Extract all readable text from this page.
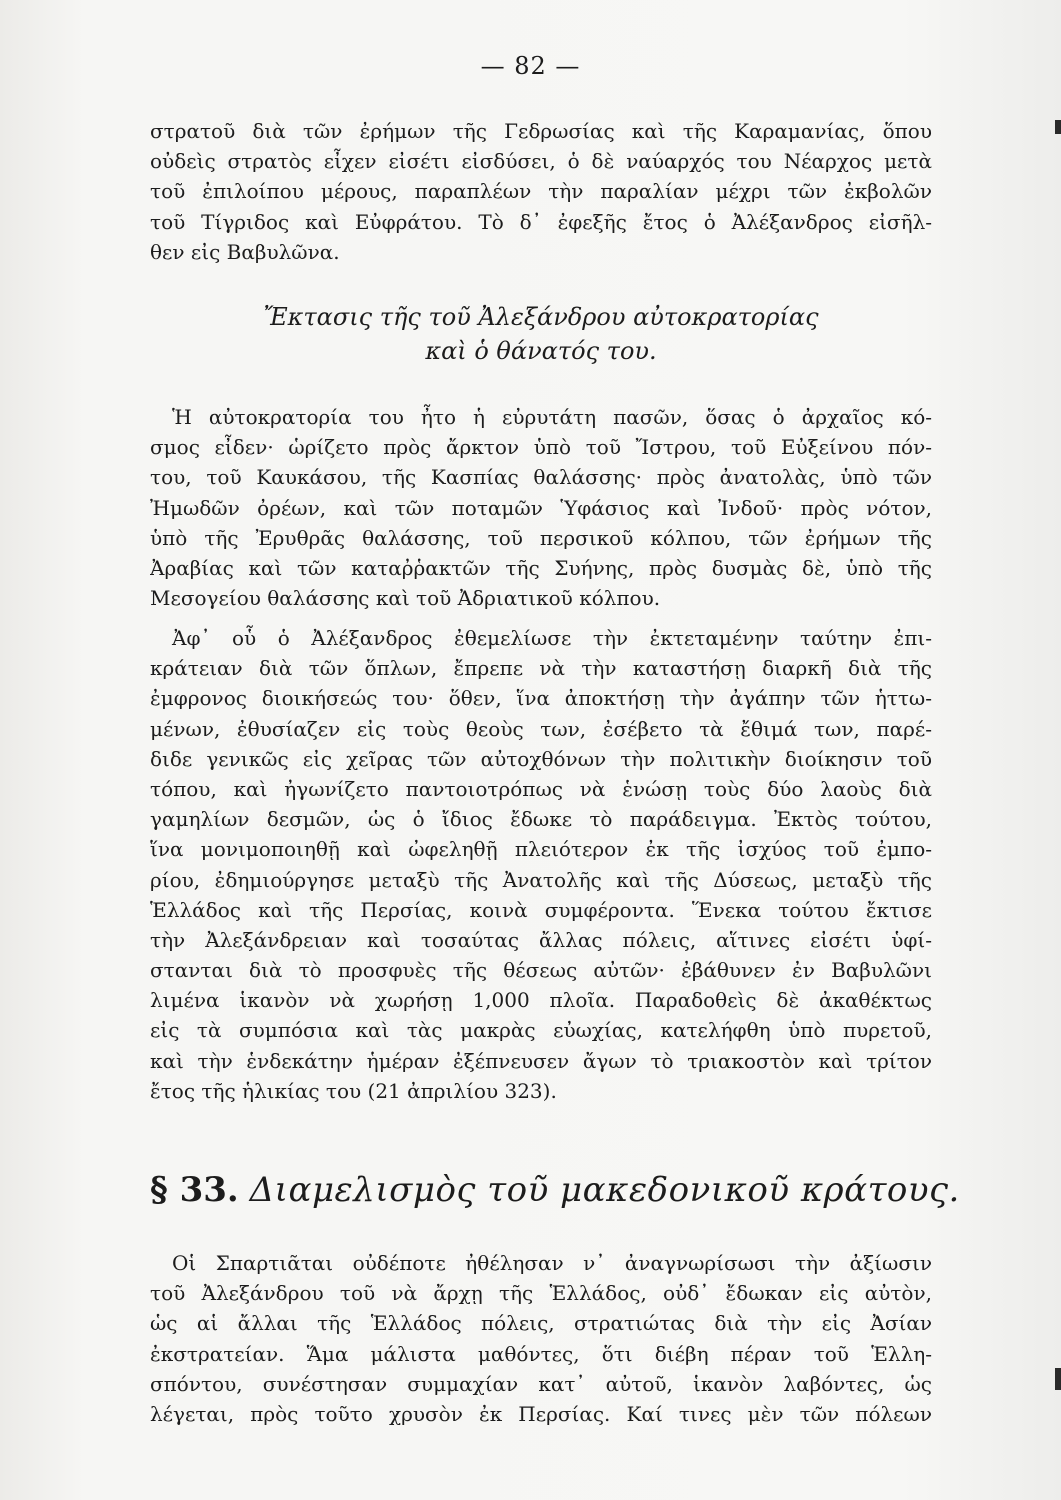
— 82 —
στρατοῦ διὰ τῶν ἐρήμων τῆς Γεδρωσίας καὶ τῆς Καραμανίας, ὅπου
οὐδεὶς στρατὸς εἶχεν εἰσέτι εἰσδύσει, ὁ δὲ ναύαρχός του Νέαρχος μετὰ
τοῦ ἐπιλοίπου μέρους, παραπλέων τὴν παραλίαν μέχρι τῶν ἐκβολῶν
τοῦ Τίγριδος καὶ Εὐφράτου. Τὸ δ᾽ ἐφεξῆς ἔτος ὁ Ἀλέξανδρος εἰσῆλ-
θεν εἰς Βαβυλῶνα.
Ἔκτασις τῆς τοῦ Ἀλεξάνδρου αὐτοκρατορίας
καὶ ὁ θάνατός του.
Ἡ αὐτοκρατορία του ἦτο ἡ εὐρυτάτη πασῶν, ὅσας ὁ ἀρχαῖος κό-
σμος εἶδεν· ὡρίζετο πρὸς ἄρκτον ὑπὸ τοῦ Ἴστρου, τοῦ Εὐξείνου πόν-
του, τοῦ Καυκάσου, τῆς Κασπίας θαλάσσης· πρὸς ἀνατολὰς, ὑπὸ τῶν
Ἠμωδῶν ὀρέων, καὶ τῶν ποταμῶν Ὑφάσιος καὶ Ἰνδοῦ· πρὸς νότον,
ὑπὸ τῆς Ἐρυθρᾶς θαλάσσης, τοῦ περσικοῦ κόλπου, τῶν ἐρήμων τῆς
Ἀραβίας καὶ τῶν καταῤῥακτῶν τῆς Συήνης, πρὸς δυσμὰς δὲ, ὑπὸ τῆς
Μεσογείου θαλάσσης καὶ τοῦ Ἀδριατικοῦ κόλπου.
Ἀφ᾽ οὗ ὁ Ἀλέξανδρος ἐθεμελίωσε τὴν ἐκτεταμένην ταύτην ἐπι-
κράτειαν διὰ τῶν ὅπλων, ἔπρεπε νὰ τὴν καταστήσῃ διαρκῆ διὰ τῆς
ἐμφρονος διοικήσεώς του· ὅθεν, ἵνα ἀποκτήσῃ τὴν ἀγάπην τῶν ἡττω-
μένων, ἐθυσίαζεν εἰς τοὺς θεοὺς των, ἐσέβετο τὰ ἔθιμά των, παρέ-
διδε γενικῶς εἰς χεῖρας τῶν αὐτοχθόνων τὴν πολιτικὴν διοίκησιν τοῦ
τόπου, καὶ ἠγωνίζετο παντοιοτρόπως νὰ ἑνώσῃ τοὺς δύο λαοὺς διὰ
γαμηλίων δεσμῶν, ὡς ὁ ἴδιος ἔδωκε τὸ παράδειγμα. Ἐκτὸς τούτου,
ἵνα μονιμοποιηθῇ καὶ ὠφεληθῇ πλειότερον ἐκ τῆς ἰσχύος τοῦ ἐμπο-
ρίου, ἐδημιούργησε μεταξὺ τῆς Ἀνατολῆς καὶ τῆς Δύσεως, μεταξὺ τῆς
Ἑλλάδος καὶ τῆς Περσίας, κοινὰ συμφέροντα. Ἕνεκα τούτου ἔκτισε
τὴν Ἀλεξάνδρειαν καὶ τοσαύτας ἄλλας πόλεις, αἵτινες εἰσέτι ὑφί-
στανται διὰ τὸ προσφυὲς τῆς θέσεως αὐτῶν· ἐβάθυνεν ἐν Βαβυλῶνι
λιμένα ἱκανὸν νὰ χωρήσῃ 1,000 πλοῖα. Παραδοθεὶς δὲ ἀκαθέκτως
εἰς τὰ συμπόσια καὶ τὰς μακρὰς εὐωχίας, κατελήφθη ὑπὸ πυρετοῦ,
καὶ τὴν ἑνδεκάτην ἡμέραν ἐξέπνευσεν ἄγων τὸ τριακοστὸν καὶ τρίτον
ἔτος τῆς ἡλικίας του (21 ἀπριλίου 323).
§ 33. Διαμελισμὸς τοῦ μακεδονικοῦ κράτους.
Οἱ Σπαρτιᾶται οὐδέποτε ἠθέλησαν ν᾽ ἀναγνωρίσωσι τὴν ἀξίωσιν
τοῦ Ἀλεξάνδρου τοῦ νὰ ἄρχῃ τῆς Ἑλλάδος, οὐδ᾽ ἔδωκαν εἰς αὐτὸν,
ὡς αἱ ἄλλαι τῆς Ἑλλάδος πόλεις, στρατιώτας διὰ τὴν εἰς Ἀσίαν
ἐκστρατείαν. Ἅμα μάλιστα μαθόντες, ὅτι διέβη πέραν τοῦ Ἑλλη-
σπόντου, συνέστησαν συμμαχίαν κατ᾽ αὐτοῦ, ἱκανὸν λαβόντες, ὡς
λέγεται, πρὸς τοῦτο χρυσὸν ἐκ Περσίας. Καί τινες μὲν τῶν πόλεων
